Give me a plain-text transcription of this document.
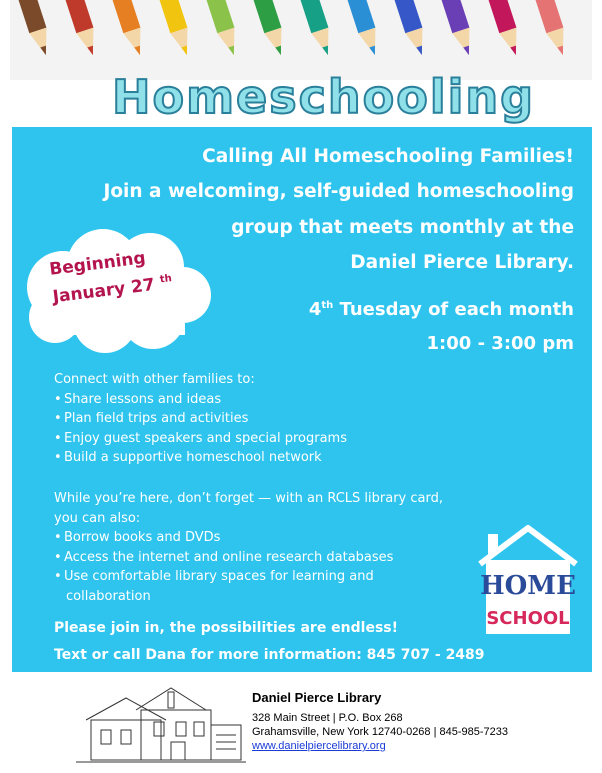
Homeschooling
Calling All Homeschooling Families!
Join a welcoming, self-guided homeschooling
group that meets monthly at the
Daniel Pierce Library.
Beginning
January 27 $^{th}$
4th Tuesday of each month
1:00 - 3:00 pm
Connect with other families to:
• Share lessons and ideas
• Plan field trips and activities
• Enjoy guest speakers and special programs
• Build a supportive homeschool network
While you’re here, don’t forget — with an RCLS library card,
you can also:
• Borrow books and DVDs
• Access the internet and online research databases
• Use comfortable library spaces for learning and
collaboration
Please join in, the possibilities are endless!
Text or call Dana for more information: 845 707 - 2489
HOME
SCHOOL
Daniel Pierce Library
328 Main Street | P.O. Box 268
Grahamsville, New York 12740-0268 | 845-985-7233
www.danielpiercelibrary.org
